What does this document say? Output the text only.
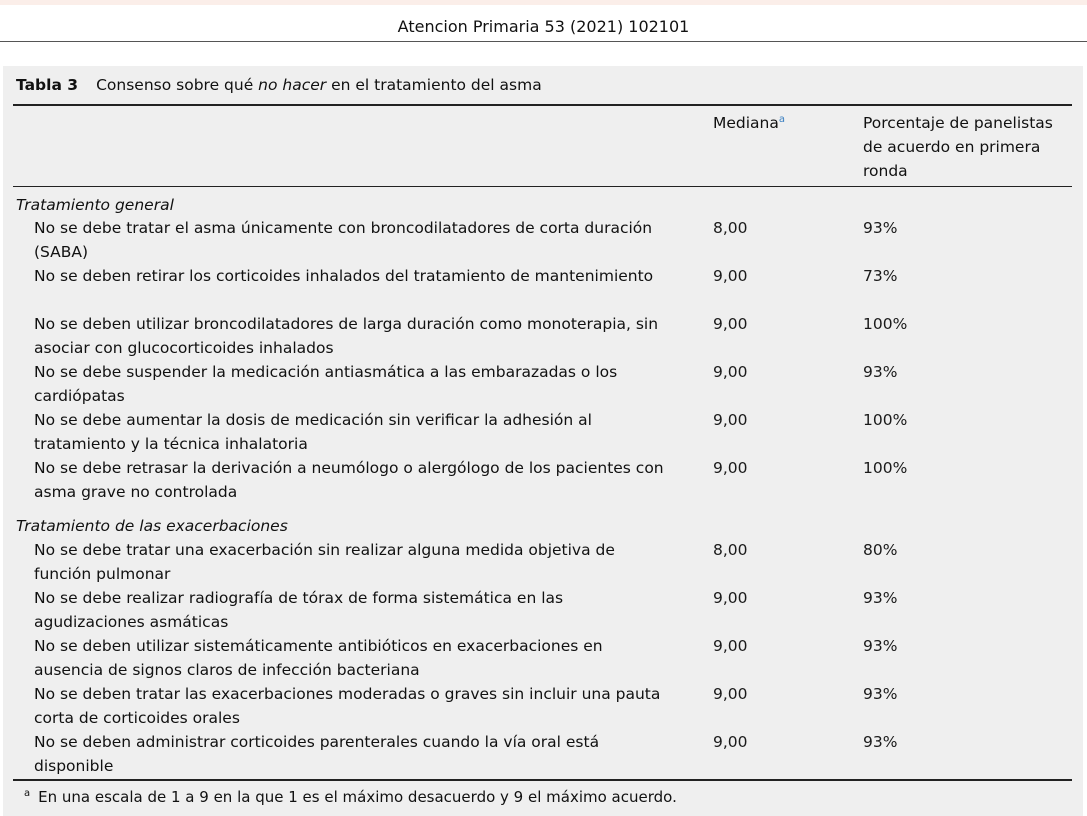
Atencion Primaria 53 (2021) 102101
Tabla 3 Consenso sobre qué no hacer en el tratamiento del asma
Mediana$^a$	Porcentaje de panelistas
de acuerdo en primera
ronda
Tratamiento general
No se debe tratar el asma únicamente con broncodilatadores de corta duración (SABA)
8,00	93%
No se deben retirar los corticoides inhalados del tratamiento de mantenimiento	9,00	73%
No se deben utilizar broncodilatadores de larga duración como monoterapia, sin asociar con glucocorticoides inhalados
9,00	100%
No se debe suspender la medicación antiasmática a las embarazadas o los cardiópatas
9,00	93%
No se debe aumentar la dosis de medicación sin verificar la adhesión al tratamiento y la técnica inhalatoria
9,00	100%
No se debe retrasar la derivación a neumólogo o alergólogo de los pacientes con asma grave no controlada
9,00	100%
Tratamiento de las exacerbaciones
No se debe tratar una exacerbación sin realizar alguna medida objetiva de función pulmonar
8,00	80%
No se debe realizar radiografía de tórax de forma sistemática en las agudizaciones asmáticas
9,00	93%
No se deben utilizar sistemáticamente antibióticos en exacerbaciones en ausencia de signos claros de infección bacteriana
9,00	93%
No se deben tratar las exacerbaciones moderadas o graves sin incluir una pauta corta de corticoides orales
9,00	93%
No se deben administrar corticoides parenterales cuando la vía oral está disponible
9,00	93%
$^a$ En una escala de 1 a 9 en la que 1 es el máximo desacuerdo y 9 el máximo acuerdo.
